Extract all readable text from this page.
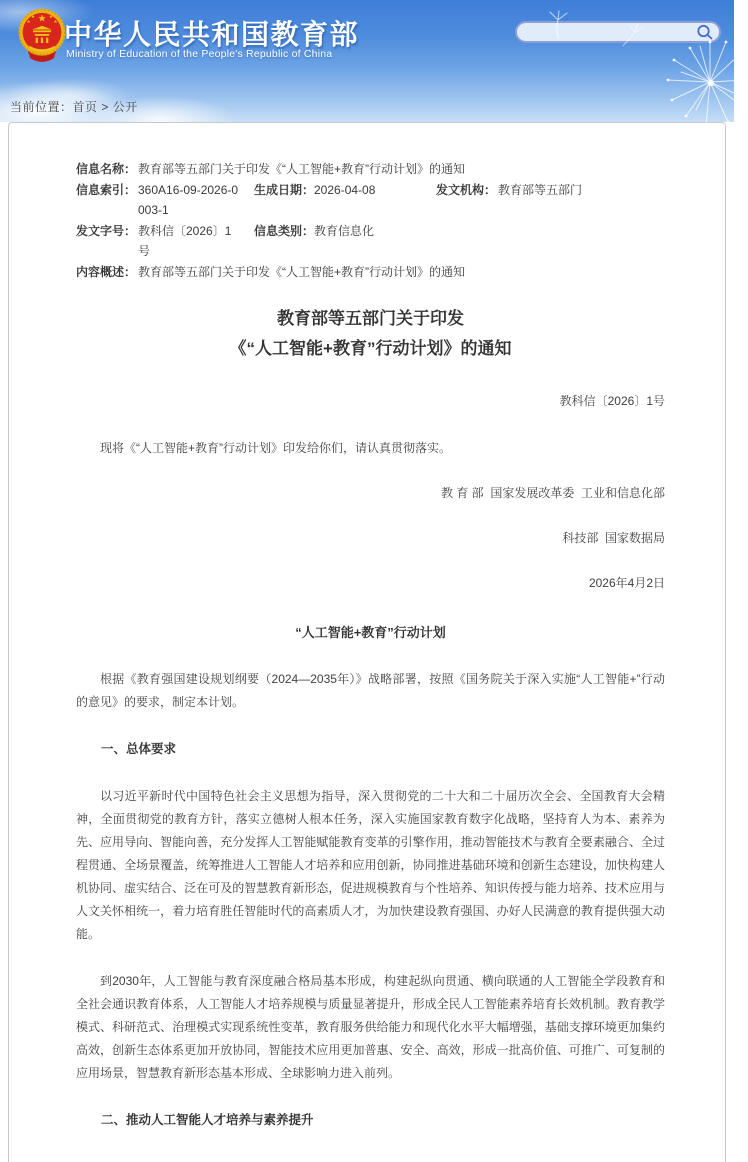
★
★	★
★	★ 中华人民共和国教育部
Ministry of Education of the People's Republic of China
当前位置：首页 > 公开
信息名称： 教育部等五部门关于印发《“人工智能+教育”行动计划》的通知
信息索引： 360A16-09-2026-0003-1
生成日期： 2026-04-08	发文机构： 教育部等五部门
发文字号： 教科信〔2026〕1号
信息类别： 教育信息化
内容概述： 教育部等五部门关于印发《“人工智能+教育”行动计划》的通知
教育部等五部门关于印发
《“人工智能+教育”行动计划》的通知
教科信〔2026〕1号

现将《“人工智能+教育”行动计划》印发给你们，请认真贯彻落实。

教 育 部  国家发展改革委  工业和信息化部

科技部  国家数据局

2026年4月2日

“人工智能+教育”行动计划

根据《教育强国建设规划纲要（2024—2035年）》战略部署，按照《国务院关于深入实施“人工智能+”行动的意见》的要求，制定本计划。

一、总体要求

以习近平新时代中国特色社会主义思想为指导，深入贯彻党的二十大和二十届历次全会、全国教育大会精神，全面贯彻党的教育方针，落实立德树人根本任务，深入实施国家教育数字化战略，坚持育人为本、素养为先、应用导向、智能向善，充分发挥人工智能赋能教育变革的引擎作用，推动智能技术与教育全要素融合、全过程贯通、全场景覆盖，统筹推进人工智能人才培养和应用创新，协同推进基础环境和创新生态建设，加快构建人机协同、虚实结合、泛在可及的智慧教育新形态，促进规模教育与个性培养、知识传授与能力培养、技术应用与人文关怀相统一，着力培育胜任智能时代的高素质人才，为加快建设教育强国、办好人民满意的教育提供强大动能。

到2030年，人工智能与教育深度融合格局基本形成，构建起纵向贯通、横向联通的人工智能全学段教育和全社会通识教育体系，人工智能人才培养规模与质量显著提升，形成全民人工智能素养培育长效机制。教育教学模式、科研范式、治理模式实现系统性变革，教育服务供给能力和现代化水平大幅增强，基础支撑环境更加集约高效，创新生态体系更加开放协同，智能技术应用更加普惠、安全、高效，形成一批高价值、可推广、可复制的应用场景，智慧教育新形态基本形成、全球影响力进入前列。

二、推动人工智能人才培养与素养提升
